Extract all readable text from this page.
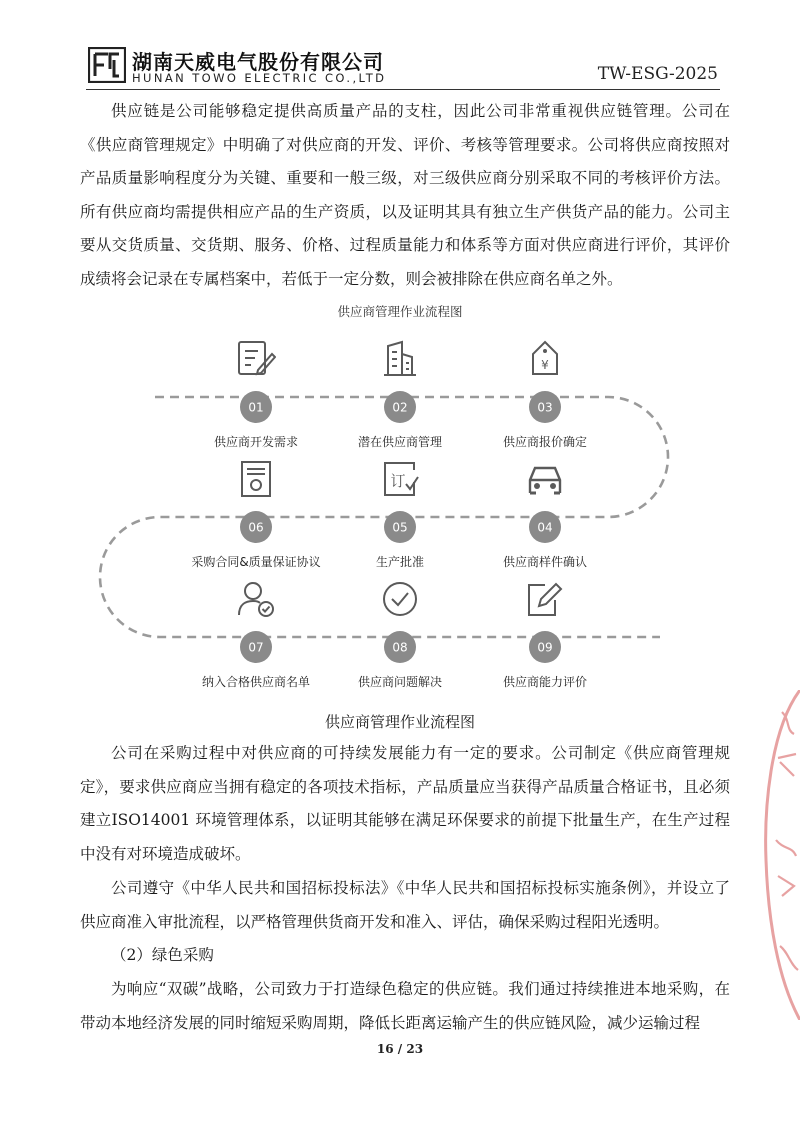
湖南天威电气股份有限公司
HUNAN TOWO ELECTRIC CO.,LTD	TW-ESG-2025

供应链是公司能够稳定提供高质量产品的支柱，因此公司非常重视供应链管理。公司在《供应商管理规定》中明确了对供应商的开发、评价、考核等管理要求。公司将供应商按照对产品质量影响程度分为关键、重要和一般三级，对三级供应商分别采取不同的考核评价方法。所有供应商均需提供相应产品的生产资质，以及证明其具有独立生产供货产品的能力。公司主要从交货质量、交货期、服务、价格、过程质量能力和体系等方面对供应商进行评价，其评价成绩将会记录在专属档案中，若低于一定分数，则会被排除在供应商名单之外。

供应商管理作业流程图
01
供应商开发需求
02
潜在供应商管理
¥
03
供应商报价确定
06
采购合同&质量保证协议
订
05
生产批准
04
供应商样件确认
07
纳入合格供应商名单
08
供应商问题解决
09
供应商能力评价
供应商管理作业流程图

公司在采购过程中对供应商的可持续发展能力有一定的要求。公司制定《供应商管理规定》，要求供应商应当拥有稳定的各项技术指标，产品质量应当获得产品质量合格证书，且必须建立ISO14001 环境管理体系，以证明其能够在满足环保要求的前提下批量生产，在生产过程中没有对环境造成破坏。

公司遵守《中华人民共和国招标投标法》《中华人民共和国招标投标实施条例》，并设立了供应商准入审批流程，以严格管理供货商开发和准入、评估，确保采购过程阳光透明。

（2）绿色采购

为响应“双碳”战略，公司致力于打造绿色稳定的供应链。我们通过持续推进本地采购，在带动本地经济发展的同时缩短采购周期，降低长距离运输产生的供应链风险，减少运输过程

16 / 23
